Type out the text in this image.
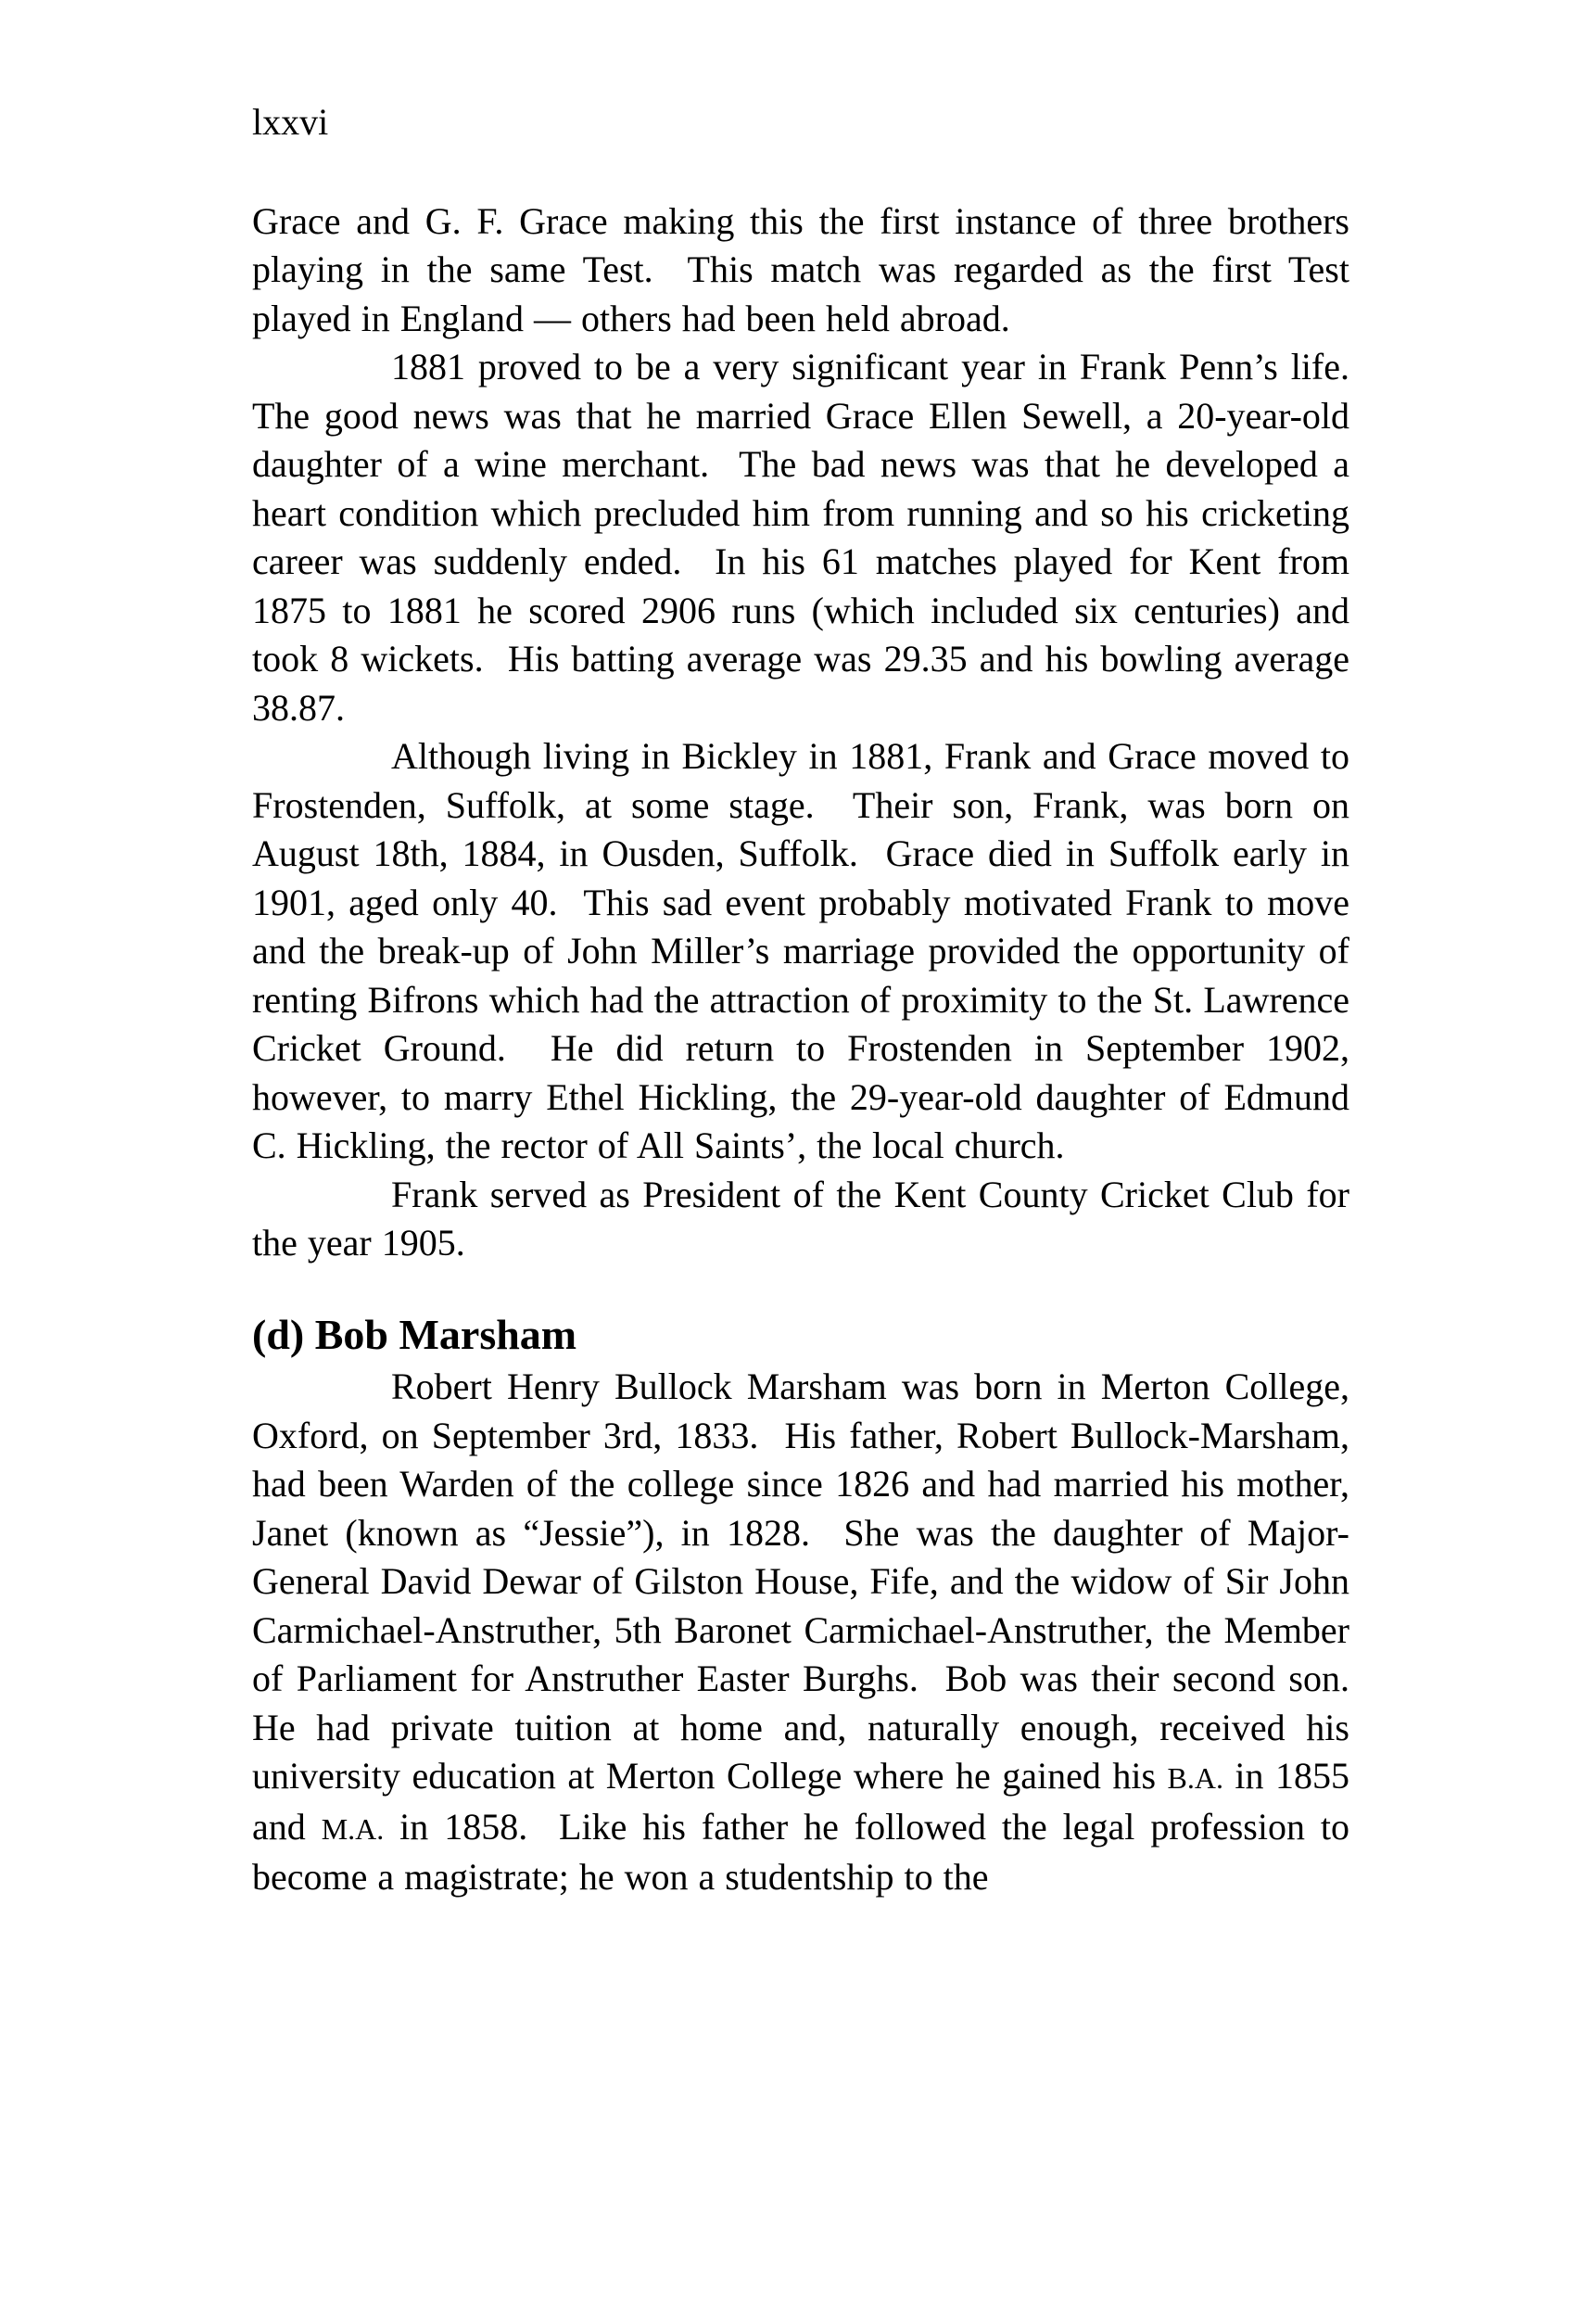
lxxvi

Grace and G. F. Grace making this the first instance of three brothers playing in the same Test.  This match was regarded as the first Test played in England — others had been held abroad.

1881 proved to be a very significant year in Frank Penn’s life.  The good news was that he married Grace Ellen Sewell, a 20-year-old daughter of a wine merchant.  The bad news was that he developed a heart condition which precluded him from running and so his cricketing career was suddenly ended.  In his 61 matches played for Kent from 1875 to 1881 he scored 2906 runs (which included six centuries) and took 8 wickets.  His batting average was 29.35 and his bowling average 38.87.

Although living in Bickley in 1881, Frank and Grace moved to Frostenden, Suffolk, at some stage.  Their son, Frank, was born on August 18th, 1884, in Ousden, Suffolk.  Grace died in Suffolk early in 1901, aged only 40.  This sad event probably motivated Frank to move and the break-up of John Miller’s marriage provided the opportunity of renting Bifrons which had the attraction of proximity to the St. Lawrence Cricket Ground.  He did return to Frostenden in September 1902, however, to marry Ethel Hickling, the 29-year-old daughter of Edmund C. Hickling, the rector of All Saints’, the local church.

Frank served as President of the Kent County Cricket Club for the year 1905.

(d) Bob Marsham

Robert Henry Bullock Marsham was born in Merton College, Oxford, on September 3rd, 1833.  His father, Robert Bullock-Marsham, had been Warden of the college since 1826 and had married his mother, Janet (known as “Jessie”), in 1828.  She was the daughter of Major-General David Dewar of Gilston House, Fife, and the widow of Sir John Carmichael-Anstruther, 5th Baronet Carmichael-Anstruther, the Member of Parliament for Anstruther Easter Burghs.  Bob was their second son.  He had private tuition at home and, naturally enough, received his university education at Merton College where he gained his B.A. in 1855 and M.A. in 1858.  Like his father he followed the legal profession to become a magistrate; he won a studentship to the
